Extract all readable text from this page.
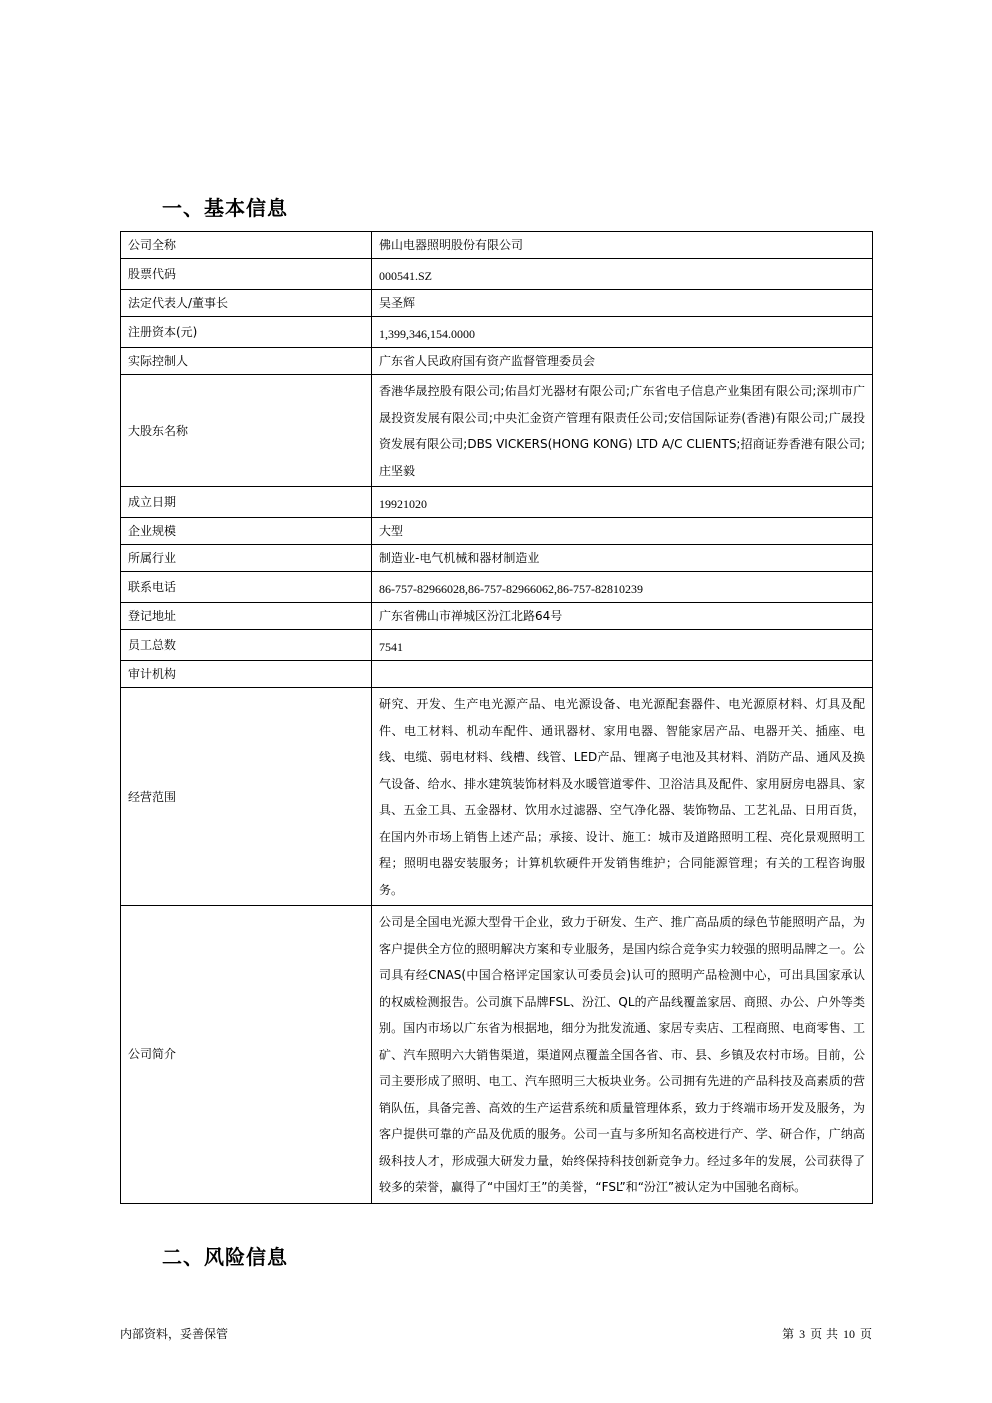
一、基本信息
公司全称	佛山电器照明股份有限公司
股票代码	000541.SZ
法定代表人/董事长	吴圣辉
注册资本(元)	1,399,346,154.0000
实际控制人	广东省人民政府国有资产监督管理委员会
大股东名称	香港华晟控股有限公司;佑昌灯光器材有限公司;广东省电子信息产业集团有限公司;深圳市广晟投资发展有限公司;中央汇金资产管理有限责任公司;安信国际证券(香港)有限公司;广晟投资发展有限公司;DBS VICKERS(HONG KONG) LTD A/C CLIENTS;招商证券香港有限公司;庄坚毅
成立日期	19921020
企业规模	大型
所属行业	制造业-电气机械和器材制造业
联系电话	86-757-82966028,86-757-82966062,86-757-82810239
登记地址	广东省佛山市禅城区汾江北路64号
员工总数	7541
审计机构	
经营范围	研究、开发、生产电光源产品、电光源设备、电光源配套器件、电光源原材料、灯具及配件、电工材料、机动车配件、通讯器材、家用电器、智能家居产品、电器开关、插座、电线、电缆、弱电材料、线槽、线管、LED产品、锂离子电池及其材料、消防产品、通风及换气设备、给水、排水建筑装饰材料及水暖管道零件、卫浴洁具及配件、家用厨房电器具、家具、五金工具、五金器材、饮用水过滤器、空气净化器、装饰物品、工艺礼品、日用百货，在国内外市场上销售上述产品；承接、设计、施工：城市及道路照明工程、亮化景观照明工程；照明电器安装服务；计算机软硬件开发销售维护；合同能源管理；有关的工程咨询服务。
公司简介	公司是全国电光源大型骨干企业，致力于研发、生产、推广高品质的绿色节能照明产品，为客户提供全方位的照明解决方案和专业服务，是国内综合竞争实力较强的照明品牌之一。公司具有经CNAS(中国合格评定国家认可委员会)认可的照明产品检测中心，可出具国家承认的权威检测报告。公司旗下品牌FSL、汾江、QL的产品线覆盖家居、商照、办公、户外等类别。国内市场以广东省为根据地，细分为批发流通、家居专卖店、工程商照、电商零售、工矿、汽车照明六大销售渠道，渠道网点覆盖全国各省、市、县、乡镇及农村市场。目前，公司主要形成了照明、电工、汽车照明三大板块业务。公司拥有先进的产品科技及高素质的营销队伍，具备完善、高效的生产运营系统和质量管理体系，致力于终端市场开发及服务，为客户提供可靠的产品及优质的服务。公司一直与多所知名高校进行产、学、研合作，广纳高级科技人才，形成强大研发力量，始终保持科技创新竞争力。经过多年的发展，公司获得了较多的荣誉，赢得了“中国灯王”的美誉，“FSL”和“汾江”被认定为中国驰名商标。
二、风险信息
内部资料，妥善保管	第 3 页 共 10 页
